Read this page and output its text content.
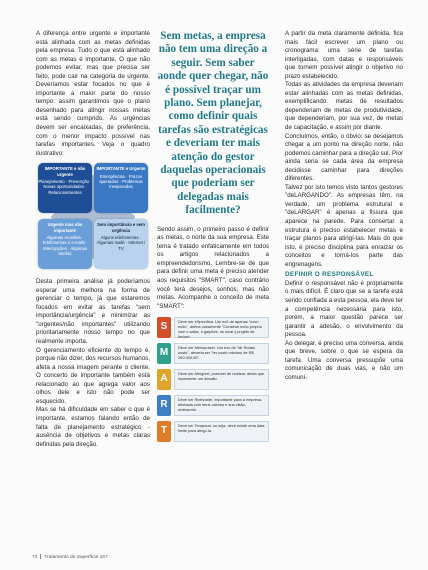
A diferença entre urgente e importante está alinhada com as metas definidas pela empresa. Tudo o que está alinhado com as metas é importante. O que não podemos evitar, mas que precisa ser feito, pode cair na categoria de urgente. Deveríamos estar focados no que é importante a maior parte do nosso tempo: assim garantimos que o plano desenhado para atingir nossas metas está sendo cumprido. As urgências devem ser encaixadas, de preferência, com o menor impacto possível nas tarefas importantes. Veja o quadro ilustrativo:

IMPORTANTE e não urgente
Planejamento · Prevenção · Novas oportunidades · Relacionamentos
IMPORTANTE e Urgente
Emergências · Prazos apertados · Problemas inesperados
Urgente mas não importante
Algumas reuniões · Telefonemas e e-mails · Interrupções · Algumas tarefas
Sem importância e sem urgência
Alguns telefonemas · Algumas mails · Internet / TV

Desta primeira análise já poderíamos esperar uma melhora na forma de gerenciar o tempo, já que estaremos focados em evitar as tarefas "sem importância/urgência" e minimizar as "urgentes/não importantes" utilizando prioritariamente nosso tempo no que realmente importa.

O gerenciamento eficiente do tempo é, porque não dizer, dos recursos humanos, afeta a nossa imagem perante o cliente. O concerto de importante também está relacionado ao que agrega valor aos olhos dele e isto não pode ser esquecido.

Mas se há dificuldade em saber o que é importante, estamos falando então de falta de planejamento estratégico - ausência de objetivos e metas claras definidas pela direção.

Sem metas, a empresa não tem uma direção a seguir. Sem saber aonde quer chegar, não é possível traçar um plano. Sem planejar, como definir quais tarefas são estratégicas e deveriam ter mais atenção do gestor daquelas operacionais que poderiam ser delegadas mais facilmente?

Sendo assim, o primeiro passo é definir as metas, o norte da sua empresa. Este tema é tratado enfaticamente em todos os artigos relacionados a empreendedorismo. Lembre-se de que para definir uma meta é preciso atender aos requisitos "SMART", caso contrário você terá desejos, sonhos, mas não metas. Acompanhe o conceito de meta "SMART":

S	Deve ser eSpecífica: Um exõ de apenas "novo exõo", defina claramente "Construir exõo próprio com x salas, n galpões, no local y projeto de Imóvel
M	Deve ser Mensurável. Um exo de "dir Rodan custo", deveria ser "ter custo máximo de R$ 250.000,00".
A	Deve ser Atingível, possível de realizar, ainda que represente um desafio.
R	Deve ser Relevante, importante para a empresa, alinhada com seus valores e sua visão, motivando.
T	Deve ser Temporal, ou seja, deve existir uma data limite para atingí-la.

A partir da meta claramente definida, fica mais fácil escrever um plano ou cronograma: uma série de tarefas interligadas, com datas e responsáveis que tornem possível atingir o objetivo no prazo estabelecido.

Todas as atividades da empresa deveriam estar alinhadas com as metas definidas, exemplificando: metas de resultados dependeriam de metas de produtividade, que dependeriam, por sua vez, de metas de capacitação, e assim por diante.

Concluímos, então, o óbvio: se desejamos chegar a um ponto na direção norte, não podemos caminhar para a direção sul. Pior ainda seria se cada área da empresa decidisse caminhar para direções diferentes.

Talvez por isto temos visto tantos gestores "deLARGANDO". As empresas têm, na verdade, um problema estrutural e "deLARGAR" é apenas a fissura que aparece na parede. Para consertar a estrutura é preciso estabelecer metas e traçar planos para atingí-las. Mais do que isto, é preciso disciplina para enraizar os conceitos e torná-los parte das engrenagens.

DEFINIR O RESPONSÁVEL

Definir o responsável não é propriamente o mais difícil. É claro que se a tarefa está sendo confiada a esta pessoa, ela deve ter a competência necessária para isto, porém, a maior questão parece ser garantir a adesão, o envolvimento da pessoa.

Ao delegar, é preciso uma conversa, ainda que breve, sobre o que se espera da tarefa. Uma conversa pressupõe uma comunicação de duas vias, e não um comuni-

72 Tratamento de Superfície 167
